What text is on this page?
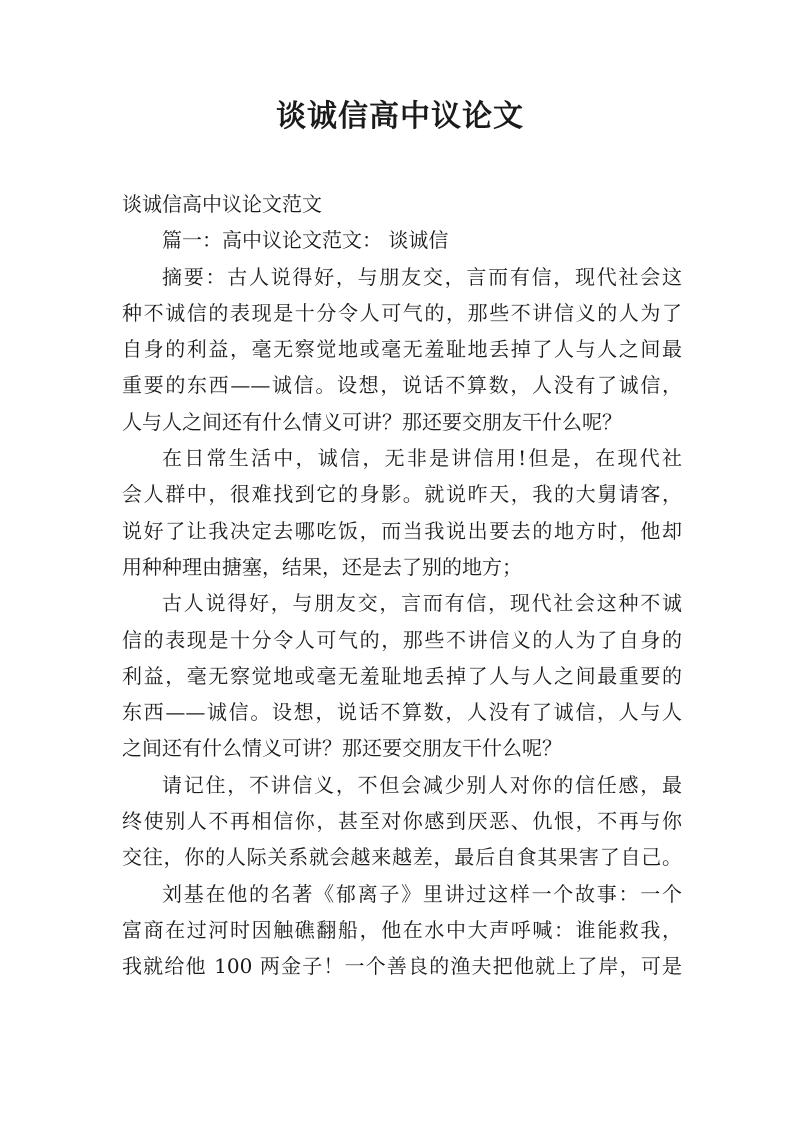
谈诚信高中议论文
谈诚信高中议论文范文
篇一：高中议论文范文： 谈诚信
摘要：古人说得好，与朋友交，言而有信，现代社会这
种不诚信的表现是十分令人可气的，那些不讲信义的人为了
自身的利益，毫无察觉地或毫无羞耻地丢掉了人与人之间最
重要的东西——诚信。设想，说话不算数，人没有了诚信，
人与人之间还有什么情义可讲？那还要交朋友干什么呢？
在日常生活中，诚信，无非是讲信用!但是，在现代社
会人群中，很难找到它的身影。就说昨天，我的大舅请客，
说好了让我决定去哪吃饭，而当我说出要去的地方时，他却
用种种理由搪塞，结果，还是去了别的地方；
古人说得好，与朋友交，言而有信，现代社会这种不诚
信的表现是十分令人可气的，那些不讲信义的人为了自身的
利益，毫无察觉地或毫无羞耻地丢掉了人与人之间最重要的
东西——诚信。设想，说话不算数，人没有了诚信，人与人
之间还有什么情义可讲？那还要交朋友干什么呢？
请记住，不讲信义，不但会减少别人对你的信任感，最
终使别人不再相信你，甚至对你感到厌恶、仇恨，不再与你
交往，你的人际关系就会越来越差，最后自食其果害了自己。
刘基在他的名著《郁离子》里讲过这样一个故事：一个
富商在过河时因触礁翻船，他在水中大声呼喊：谁能救我，
我就给他 100 两金子！一个善良的渔夫把他就上了岸，可是
